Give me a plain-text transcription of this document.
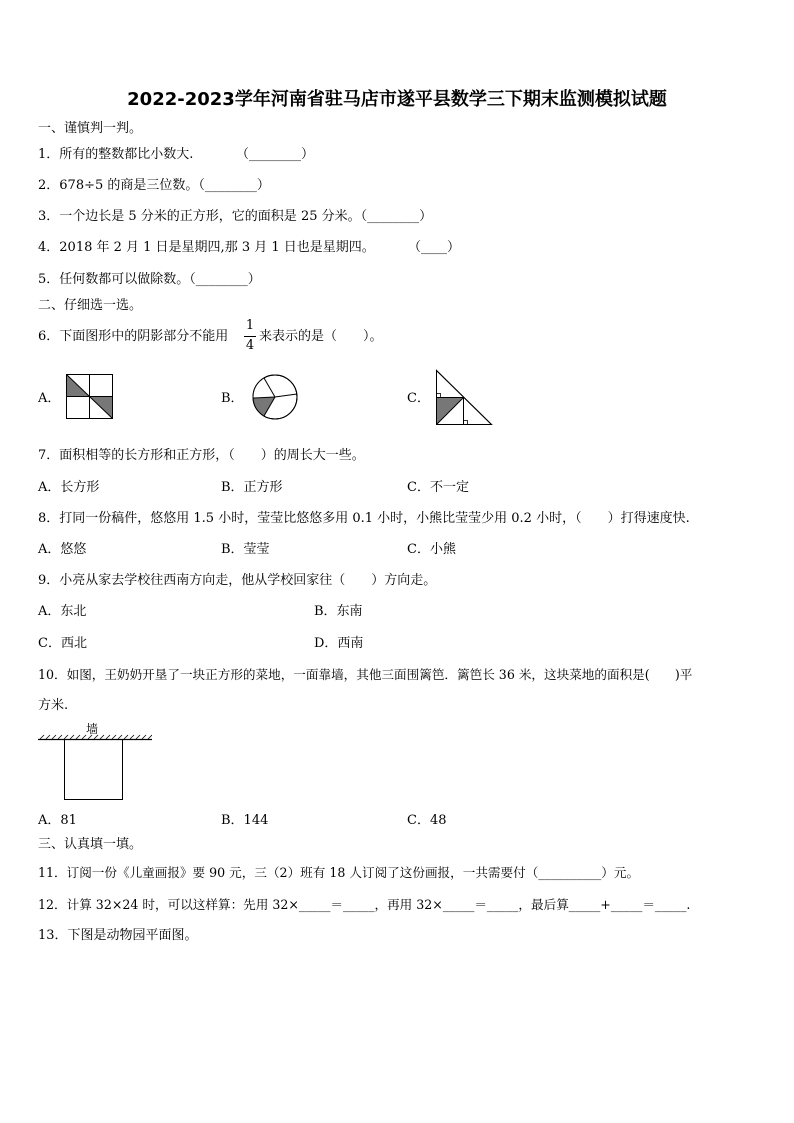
2022-2023学年河南省驻马店市遂平县数学三下期末监测模拟试题
一、谨慎判一判。
1．所有的整数都比小数大.	（________）
2．678÷5 的商是三位数。（________）
3．一个边长是 5 分米的正方形，它的面积是 25 分米。（________）
4．2018 年 2 月 1 日是星期四,那 3 月 1 日也是星期四。	（____）
5．任何数都可以做除数。（________）
二、仔细选一选。
6．下面图形中的阴影部分不能用
1
4
来表示的是（　　）。
A．	B．	C．
7．面积相等的长方形和正方形，（　　）的周长大一些。
A．长方形	B．正方形	C．不一定
8．打同一份稿件，悠悠用 1.5 小时，莹莹比悠悠多用 0.1 小时，小熊比莹莹少用 0.2 小时，（　　）打得速度快.
A．悠悠	B．莹莹	C．小熊
9．小亮从家去学校往西南方向走，他从学校回家往（　　）方向走。
A．东北	B．东南
C．西北	D．西南
10．如图，王奶奶开垦了一块正方形的菜地，一面靠墙，其他三面围篱笆．篱笆长 36 米，这块菜地的面积是(　　)平
方米.
墙
A．81	B．144	C．48
三、认真填一填。
11．订阅一份《儿童画报》要 90 元，三（2）班有 18 人订阅了这份画报，一共需要付（__________）元。
12．计算 32×24 时，可以这样算：先用 32×_____＝_____，再用 32×_____＝_____，最后算_____+_____＝_____.
13．下图是动物园平面图。
